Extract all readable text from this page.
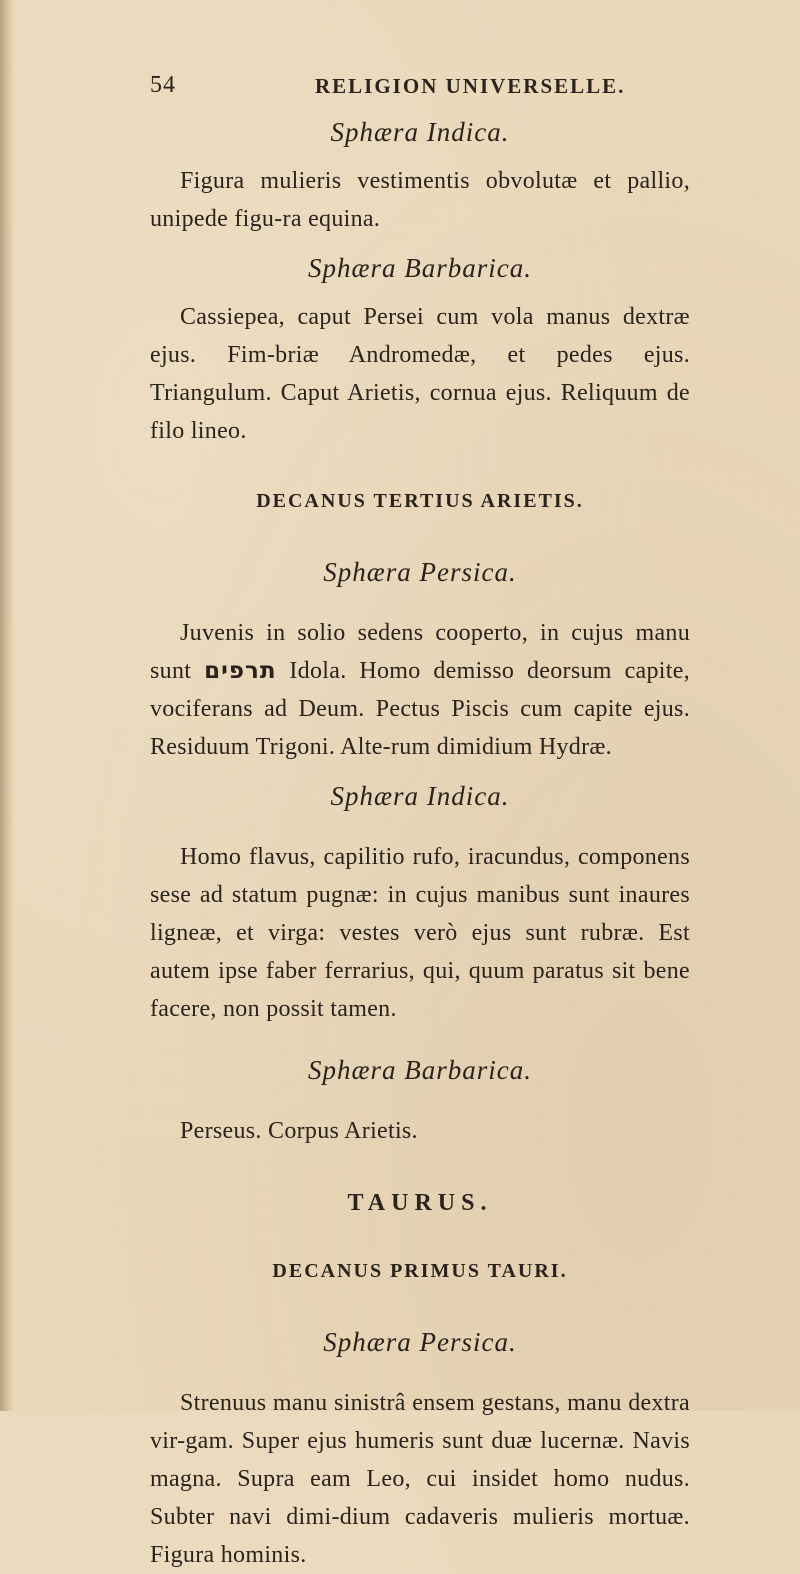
54	RELIGION UNIVERSELLE.

Sphæra Indica.

Figura mulieris vestimentis obvolutæ et pallio, unipede figu-ra equina.

Sphæra Barbarica.

Cassiepea, caput Persei cum vola manus dextræ ejus. Fim-briæ Andromedæ, et pedes ejus. Triangulum. Caput Arietis, cornua ejus. Reliquum de filo lineo.

DECANUS TERTIUS ARIETIS.

Sphæra Persica.

Juvenis in solio sedens cooperto, in cujus manu sunt תרפים Idola. Homo demisso deorsum capite, vociferans ad Deum. Pectus Piscis cum capite ejus. Residuum Trigoni. Alte-rum dimidium Hydræ.

Sphæra Indica.

Homo flavus, capilitio rufo, iracundus, componens sese ad statum pugnæ: in cujus manibus sunt inaures ligneæ, et virga: vestes verò ejus sunt rubræ. Est autem ipse faber ferrarius, qui, quum paratus sit bene facere, non possit tamen.

Sphæra Barbarica.

Perseus. Corpus Arietis.

TAURUS.

DECANUS PRIMUS TAURI.

Sphæra Persica.

Strenuus manu sinistrâ ensem gestans, manu dextra vir-gam. Super ejus humeris sunt duæ lucernæ. Navis magna. Supra eam Leo, cui insidet homo nudus. Subter navi dimi-dium cadaveris mulieris mortuæ. Figura hominis.
